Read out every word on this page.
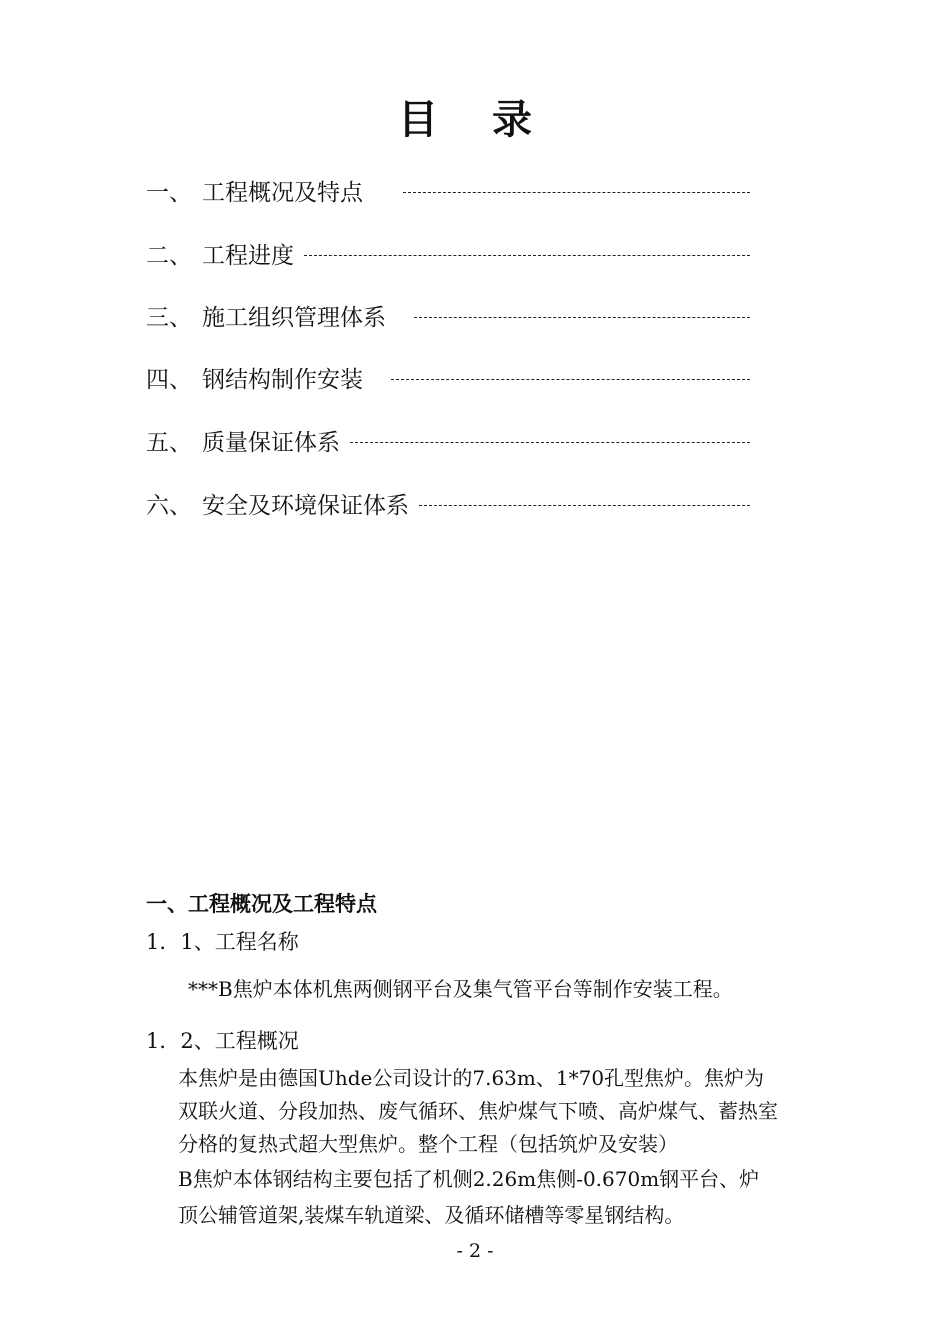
目 录
一、 工程概况及特点
二、 工程进度
三、 施工组织管理体系
四、 钢结构制作安装
五、 质量保证体系
六、 安全及环境保证体系
一、工程概况及工程特点
1．1、工程名称
***B焦炉本体机焦两侧钢平台及集气管平台等制作安装工程。
1．2、工程概况
本焦炉是由德国Uhde公司设计的7.63m、1*70孔型焦炉。焦炉为
双联火道、分段加热、废气循环、焦炉煤气下喷、高炉煤气、蓄热室
分格的复热式超大型焦炉。整个工程（包括筑炉及安装）
B焦炉本体钢结构主要包括了机侧2.26m焦侧-0.670m钢平台、炉
顶公辅管道架,装煤车轨道梁、及循环储槽等零星钢结构。
- 2 -
